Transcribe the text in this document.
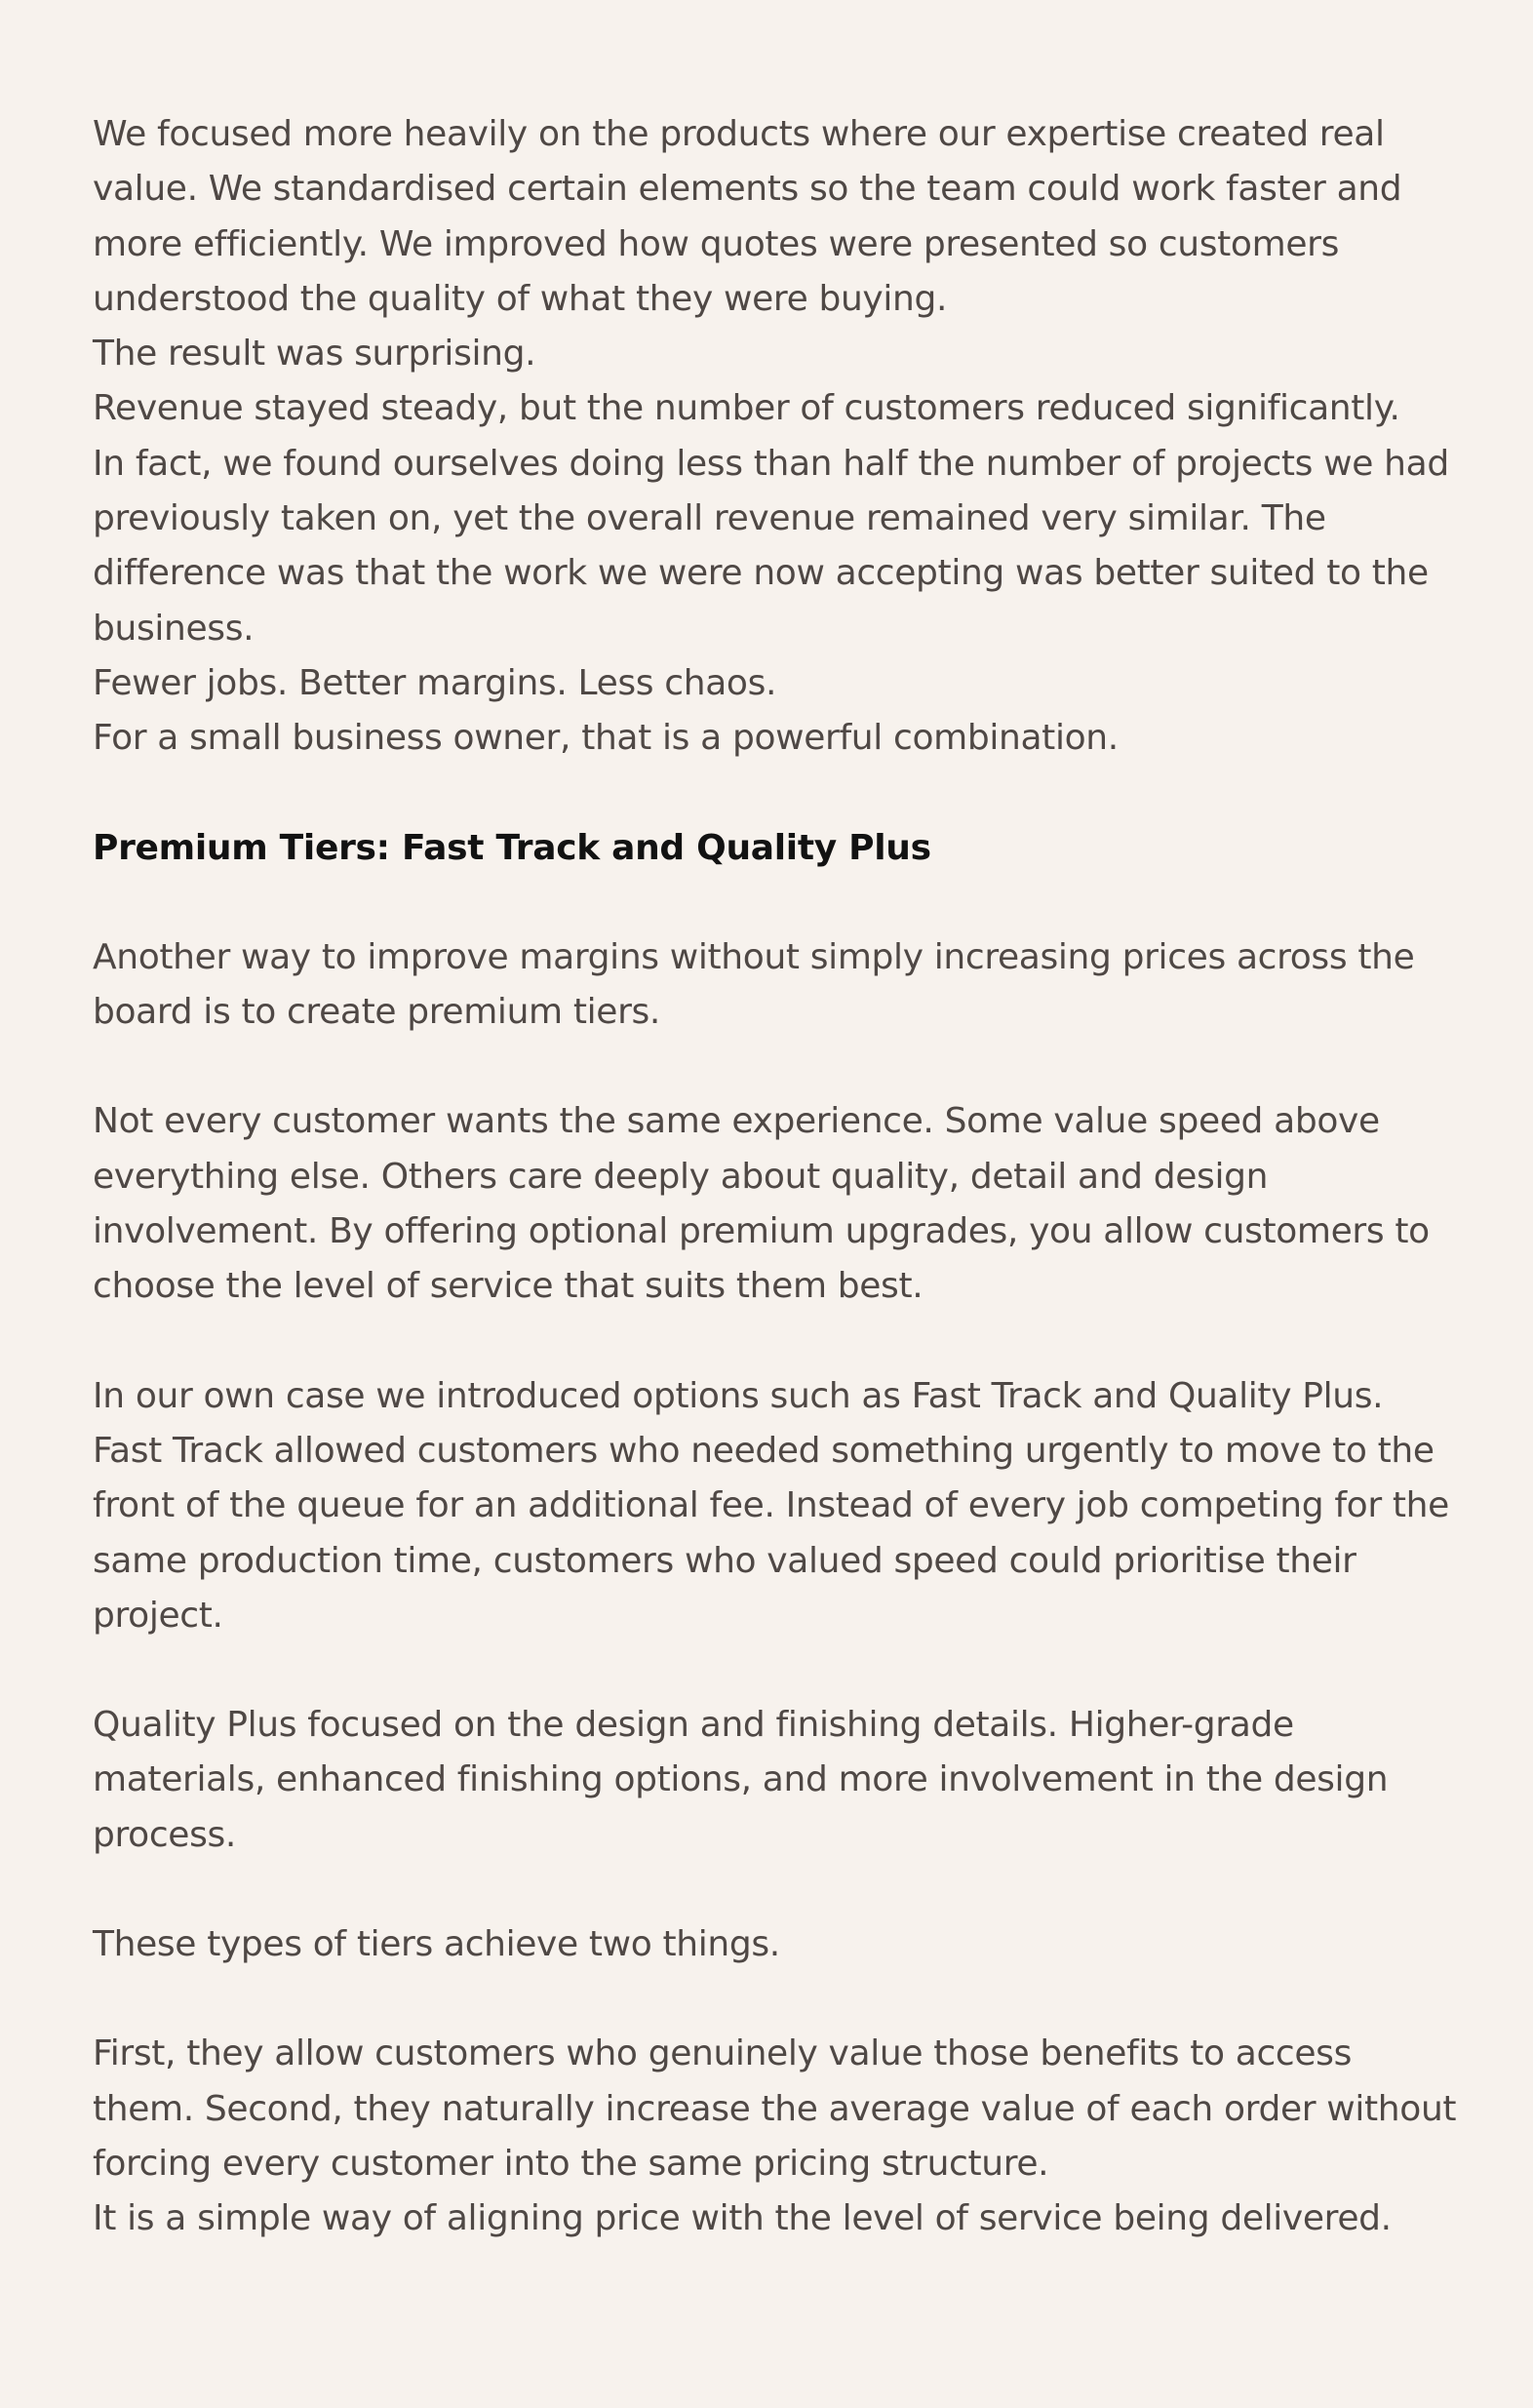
We focused more heavily on the products where our expertise created real value. We standardised certain elements so the team could work faster and more efficiently. We improved how quotes were presented so customers understood the quality of what they were buying.

The result was surprising.

Revenue stayed steady, but the number of customers reduced significantly.

In fact, we found ourselves doing less than half the number of projects we had previously taken on, yet the overall revenue remained very similar. The difference was that the work we were now accepting was better suited to the business.

Fewer jobs. Better margins. Less chaos.

For a small business owner, that is a powerful combination.

Premium Tiers: Fast Track and Quality Plus

Another way to improve margins without simply increasing prices across the board is to create premium tiers.

Not every customer wants the same experience. Some value speed above everything else. Others care deeply about quality, detail and design involvement. By offering optional premium upgrades, you allow customers to choose the level of service that suits them best.

In our own case we introduced options such as Fast Track and Quality Plus. Fast Track allowed customers who needed something urgently to move to the front of the queue for an additional fee. Instead of every job competing for the same production time, customers who valued speed could prioritise their project.

Quality Plus focused on the design and finishing details. Higher-grade materials, enhanced finishing options, and more involvement in the design process.

These types of tiers achieve two things.

First, they allow customers who genuinely value those benefits to access them. Second, they naturally increase the average value of each order without forcing every customer into the same pricing structure.

It is a simple way of aligning price with the level of service being delivered.
